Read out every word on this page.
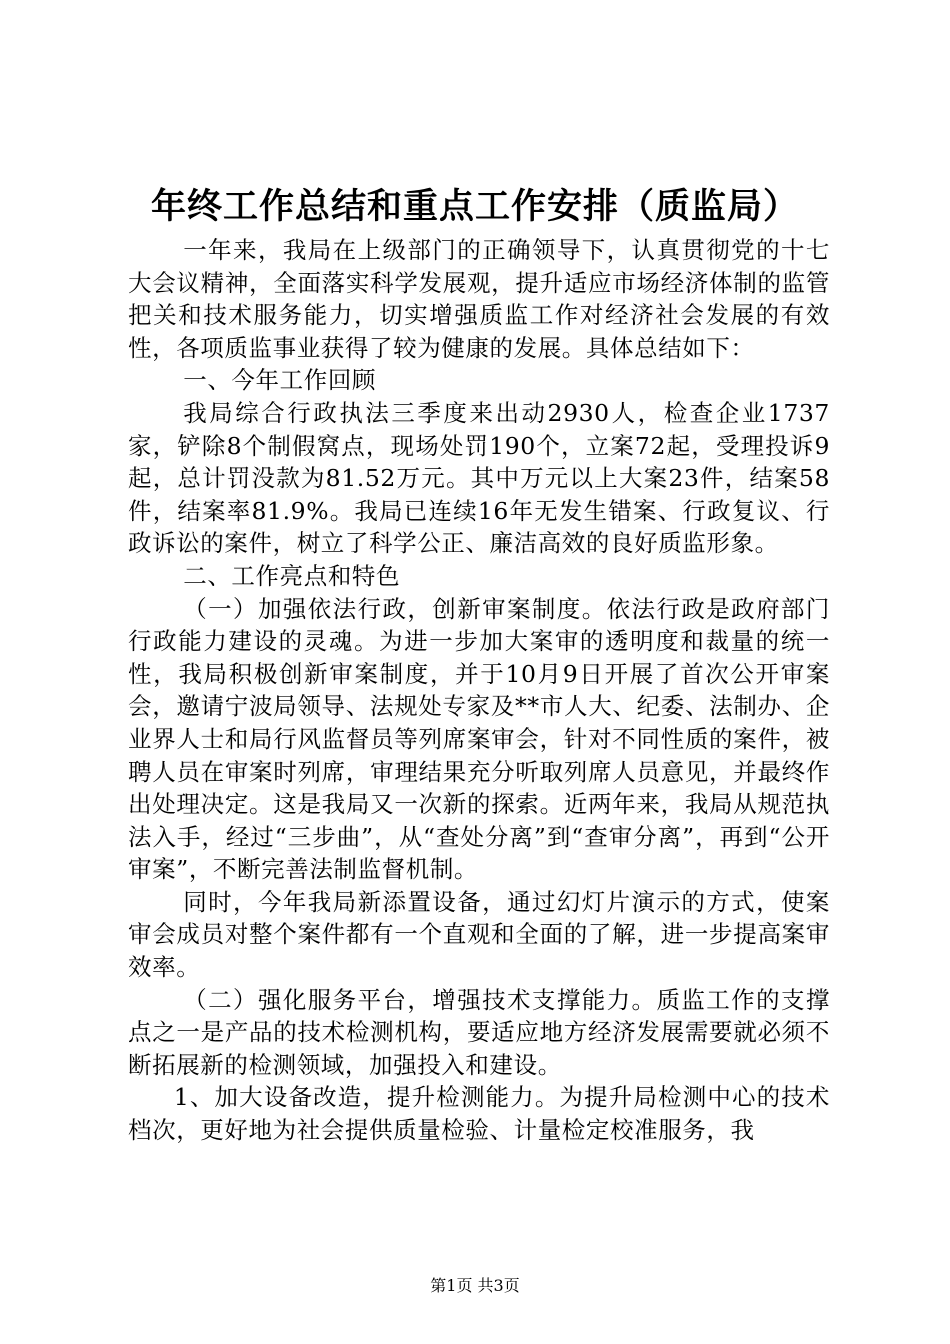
年终工作总结和重点工作安排（质监局）

一年来，我局在上级部门的正确领导下，认真贯彻党的十七大会议精神，全面落实科学发展观，提升适应市场经济体制的监管把关和技术服务能力，切实增强质监工作对经济社会发展的有效性，各项质监事业获得了较为健康的发展。具体总结如下：

一、今年工作回顾

我局综合行政执法三季度来出动2930人，检查企业1737家，铲除8个制假窝点，现场处罚190个，立案72起，受理投诉9起，总计罚没款为81.52万元。其中万元以上大案23件，结案58件，结案率81.9%。我局已连续16年无发生错案、行政复议、行政诉讼的案件，树立了科学公正、廉洁高效的良好质监形象。

二、工作亮点和特色

（一）加强依法行政，创新审案制度。依法行政是政府部门行政能力建设的灵魂。为进一步加大案审的透明度和裁量的统一性，我局积极创新审案制度，并于10月9日开展了首次公开审案会，邀请宁波局领导、法规处专家及**市人大、纪委、法制办、企业界人士和局行风监督员等列席案审会，针对不同性质的案件，被聘人员在审案时列席，审理结果充分听取列席人员意见，并最终作出处理决定。这是我局又一次新的探索。近两年来，我局从规范执法入手，经过“三步曲”，从“查处分离”到“查审分离”，再到“公开审案”，不断完善法制监督机制。

同时，今年我局新添置设备，通过幻灯片演示的方式，使案审会成员对整个案件都有一个直观和全面的了解，进一步提高案审效率。

（二）强化服务平台，增强技术支撑能力。质监工作的支撑点之一是产品的技术检测机构，要适应地方经济发展需要就必须不断拓展新的检测领域，加强投入和建设。

1、加大设备改造，提升检测能力。为提升局检测中心的技术档次，更好地为社会提供质量检验、计量检定校准服务，我

第1页 共3页
